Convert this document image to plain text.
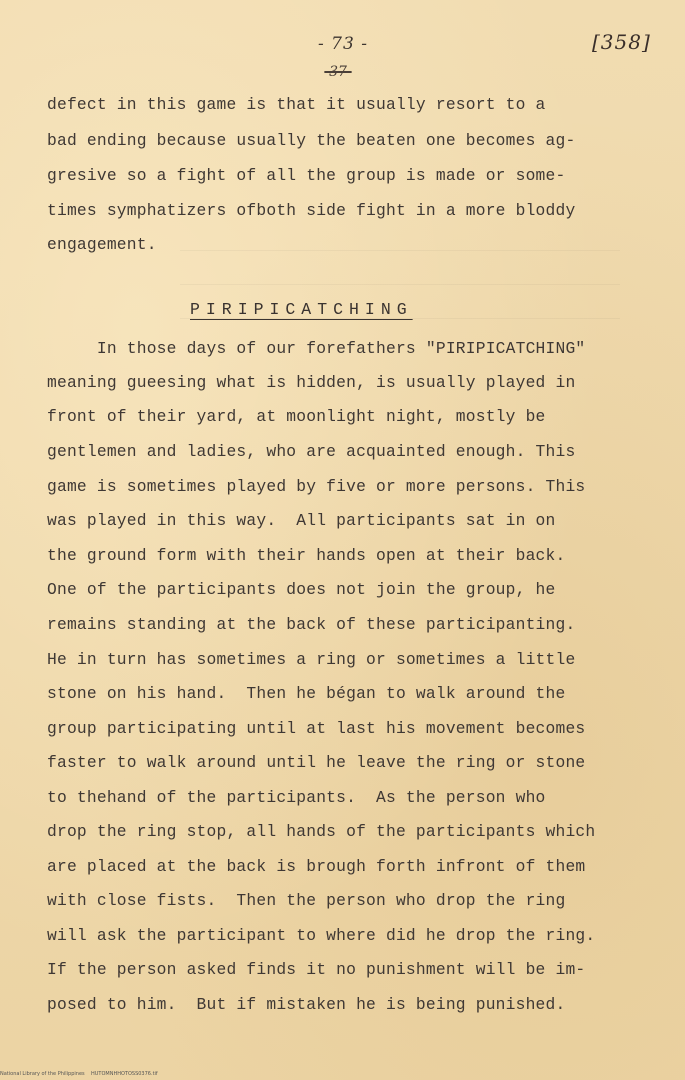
- 73 -
-37-
[358]
defect in this game is that it usually resort to a
bad ending because usually the beaten one becomes ag-
gresive so a fight of all the group is made or some-
times symphatizers ofboth side fight in a more bloddy
engagement.
PIRIPICATCHING
In those days of our forefathers "PIRIPICATCHING"
meaning gueesing what is hidden, is usually played in
front of their yard, at moonlight night, mostly be
gentlemen and ladies, who are acquainted enough. This
game is sometimes played by five or more persons. This
was played in this way.  All participants sat in on
the ground form with their hands open at their back.
One of the participants does not join the group, he
remains standing at the back of these participanting.
He in turn has sometimes a ring or sometimes a little
stone on his hand.  Then he bégan to walk around the
group participating until at last his movement becomes
faster to walk around until he leave the ring or stone
to thehand of the participants.  As the person who
drop the ring stop, all hands of the participants which
are placed at the back is brough forth infront of them
with close fists.  Then the person who drop the ring
will ask the participant to where did he drop the ring.
If the person asked finds it no punishment will be im-
posed to him.  But if mistaken he is being punished.
National Library of the Philippines    HUTOMNHHOTOSS0376.tif
